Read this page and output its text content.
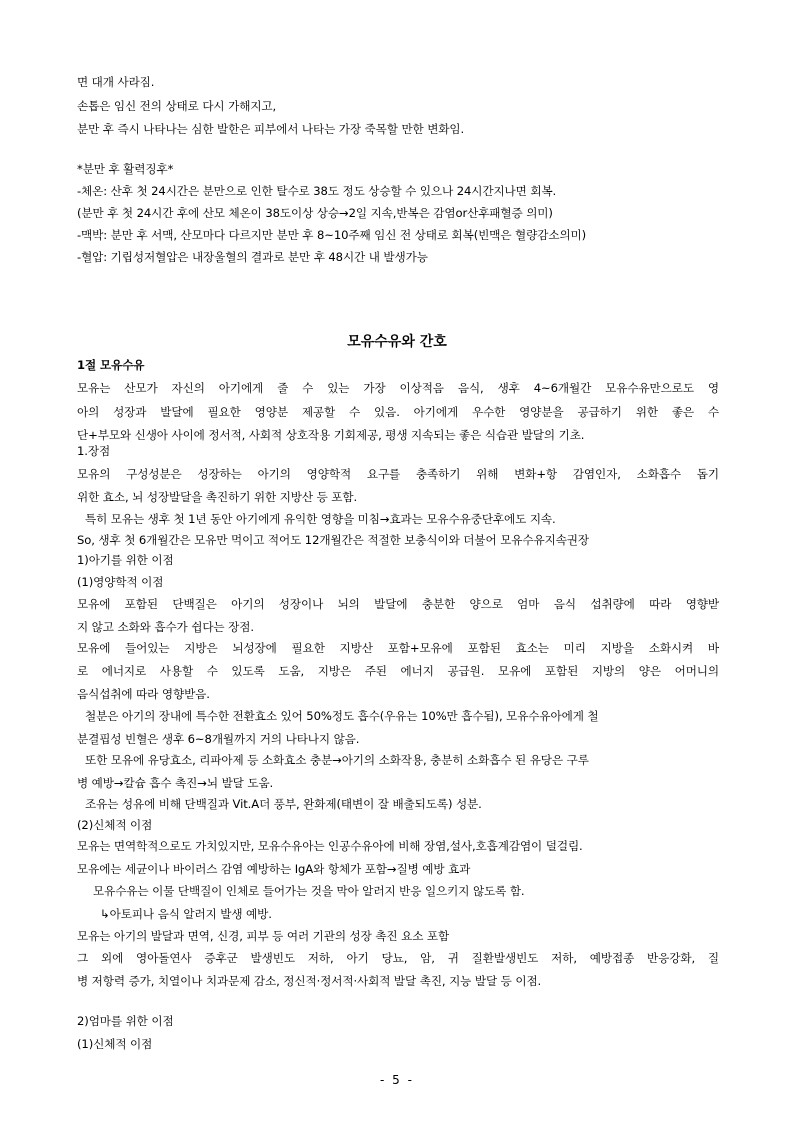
면 대개 사라짐.
손톱은 임신 전의 상태로 다시 가해지고,
분만 후 즉시 나타나는 심한 발한은 피부에서 나타는 가장 죽목할 만한 변화임.
*분만 후 활력징후*
-체온: 산후 첫 24시간은 분만으로 인한 탈수로 38도 정도 상승할 수 있으나 24시간지나면 회복.
(분만 후 첫 24시간 후에 산모 체온이 38도이상 상승→2일 지속,반복은 감염or산후패혈증 의미)
-맥박: 분만 후 서맥, 산모마다 다르지만 분만 후 8~10주째 임신 전 상태로 회복(빈맥은 혈량감소의미)
-혈압: 기립성저혈압은 내장울혈의 결과로 분만 후 48시간 내 발생가능
모유수유와 간호
1절 모유수유
모유는 산모가 자신의 아기에게 줄 수 있는 가장 이상적음 음식, 생후 4~6개월간 모유수유만으로도 영
아의 성장과 발달에 필요한 영양분 제공할 수 있음. 아기에게 우수한 영양분을 공급하기 위한 좋은 수
단+부모와 신생아 사이에 정서적, 사회적 상호작용 기회제공, 평생 지속되는 좋은 식습관 발달의 기초.
1.장점
모유의 구성성분은 성장하는 아기의 영양학적 요구를 충족하기 위해 변화+항 감염인자, 소화흡수 돕기
위한 효소, 뇌 성장발달을 촉진하기 위한 지방산 등 포함.
특히 모유는 생후 첫 1년 동안 아기에게 유익한 영향을 미침→효과는 모유수유중단후에도 지속.
So, 생후 첫 6개월간은 모유만 먹이고 적어도 12개월간은 적절한 보충식이와 더불어 모유수유지속권장
1)아기를 위한 이점
(1)영양학적 이점
모유에 포함된 단백질은 아기의 성장이나 뇌의 발달에 충분한 양으로 엄마 음식 섭취량에 따라 영향받
지 않고 소화와 흡수가 쉽다는 장점.
모유에 들어있는 지방은 뇌성장에 필요한 지방산 포함+모유에 포함된 효소는 미리 지방을 소화시켜 바
로 에너지로 사용할 수 있도록 도움, 지방은 주된 에너지 공급원. 모유에 포함된 지방의 양은 어머니의
음식섭취에 따라 영향받음.
철분은 아기의 장내에 특수한 전환효소 있어 50%정도 흡수(우유는 10%만 흡수됨), 모유수유아에게 철
분결핍성 빈혈은 생후 6~8개월까지 거의 나타나지 않음.
또한 모유에 유당효소, 리파아제 등 소화효소 충분→아기의 소화작용, 충분히 소화흡수 된 유당은 구루
병 예방→칼슘 흡수 촉진→뇌 발달 도움.
조유는 성유에 비해 단백질과 Vit.A더 풍부, 완화제(태변이 잘 배출되도록) 성분.
(2)신체적 이점
모유는 면역학적으로도 가치있지만, 모유수유아는 인공수유아에 비해 장염,설사,호흡계감염이 덜걸림.
모유에는 세균이나 바이러스 감염 예방하는 IgA와 항체가 포함→질병 예방 효과
모유수유는 이물 단백질이 인체로 들어가는 것을 막아 알러지 반응 일으키지 않도록 함.
↳아토피나 음식 알러지 발생 예방.
모유는 아기의 발달과 면역, 신경, 피부 등 여러 기관의 성장 촉진 요소 포함
그 외에 영아돌연사 증후군 발생빈도 저하, 아기 당뇨, 암, 귀 질환발생빈도 저하, 예방접종 반응강화, 질
병 저항력 증가, 치열이나 치과문제 감소, 정신적·정서적·사회적 발달 촉진, 지능 발달 등 이점.
2)엄마를 위한 이점
(1)신체적 이점
- 5 -
